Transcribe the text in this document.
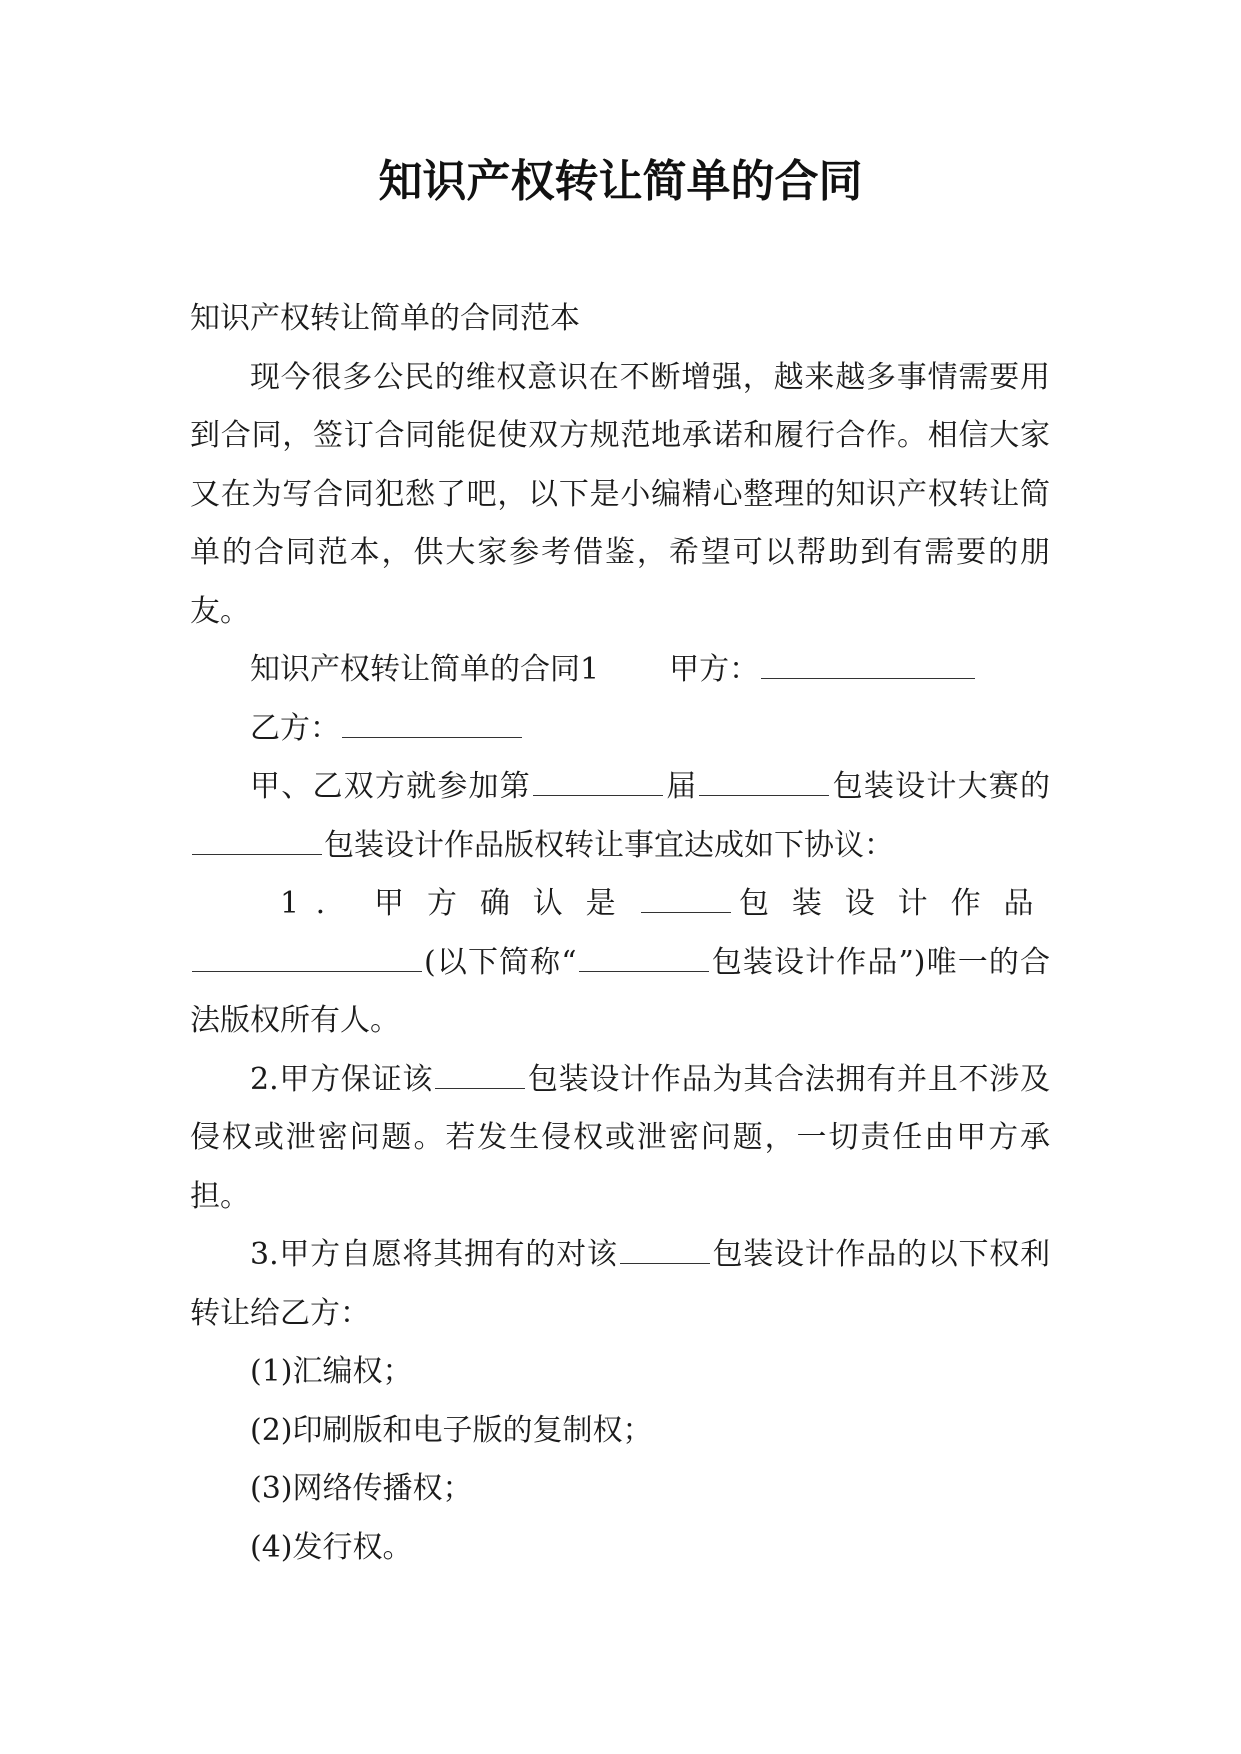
知识产权转让简单的合同

知识产权转让简单的合同范本

现今很多公民的维权意识在不断增强，越来越多事情需要用到合同，签订合同能促使双方规范地承诺和履行合作。相信大家又在为写合同犯愁了吧，以下是小编精心整理的知识产权转让简单的合同范本，供大家参考借鉴，希望可以帮助到有需要的朋友。

知识产权转让简单的合同1 甲方：

乙方：

甲、乙双方就参加第	届	包装设计大赛的包装设计作品版权转让事宜达成如下协议：

1. 甲方确认是	包装设计作品(以下简称“	包装设计作品”)唯一的合法版权所有人。

2.甲方保证该	包装设计作品为其合法拥有并且不涉及侵权或泄密问题。若发生侵权或泄密问题，一切责任由甲方承担。

3.甲方自愿将其拥有的对该	包装设计作品的以下权利转让给乙方：

(1)汇编权；

(2)印刷版和电子版的复制权；

(3)网络传播权；

(4)发行权。
